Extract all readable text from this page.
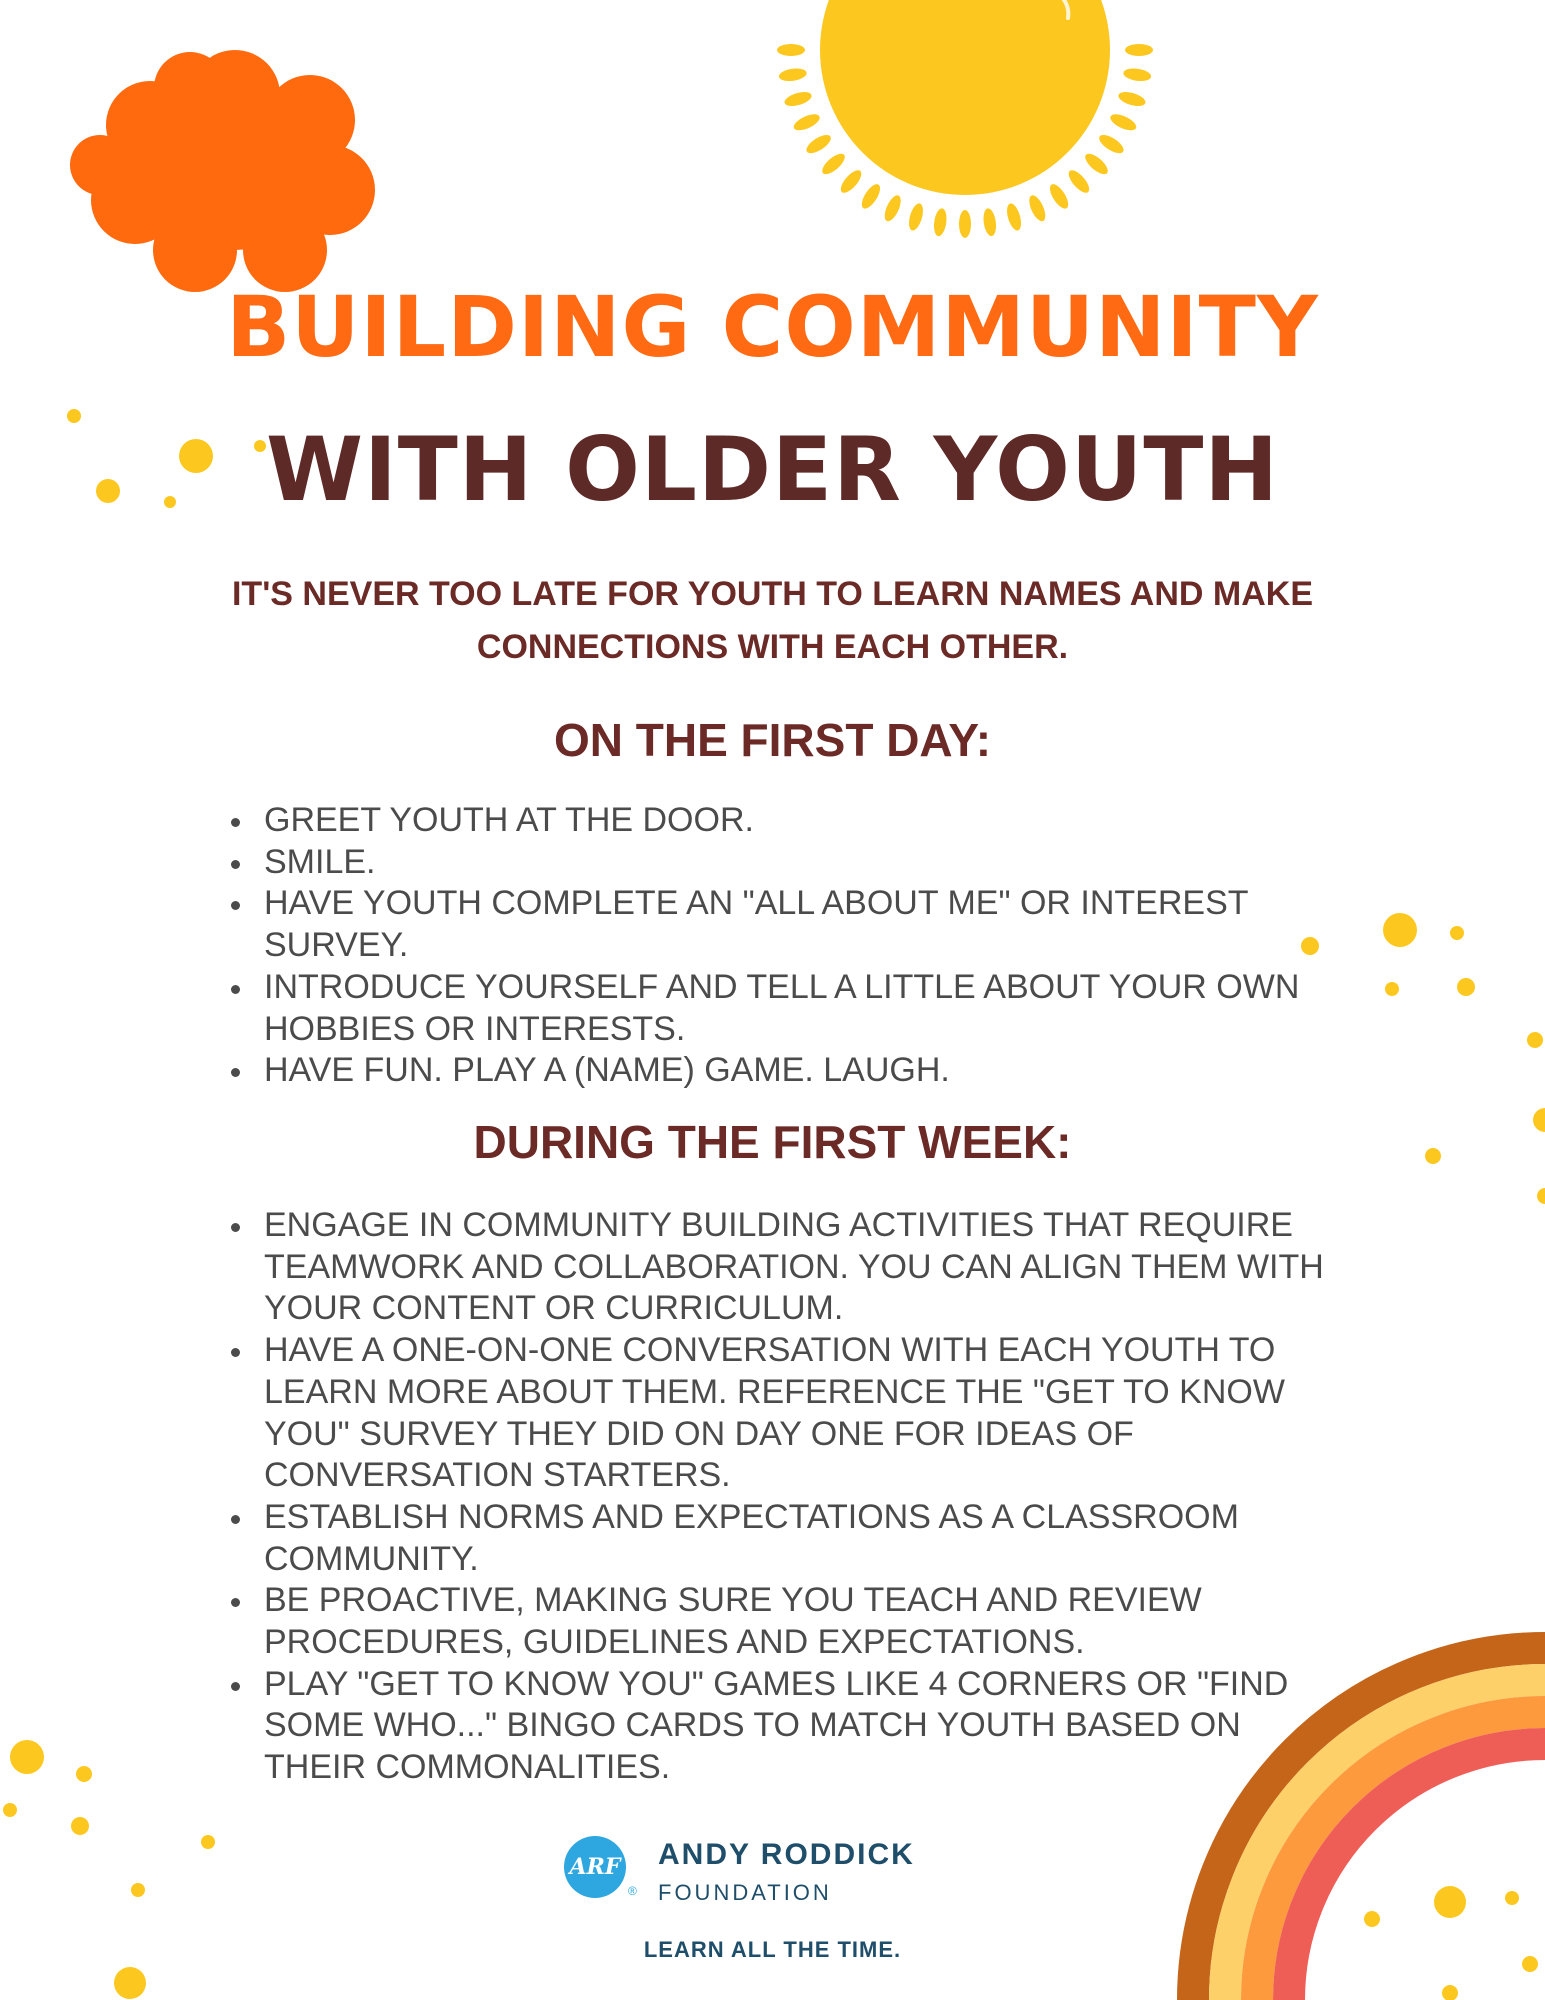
BUILDING COMMUNITY
WITH OLDER YOUTH

IT'S NEVER TOO LATE FOR YOUTH TO LEARN NAMES AND MAKE
CONNECTIONS WITH EACH OTHER.

ON THE FIRST DAY:
GREET YOUTH AT THE DOOR.
SMILE.
HAVE YOUTH COMPLETE AN "ALL ABOUT ME" OR INTEREST SURVEY.
INTRODUCE YOURSELF AND TELL A LITTLE ABOUT YOUR OWN HOBBIES OR INTERESTS.
HAVE FUN. PLAY A (NAME) GAME. LAUGH.
DURING THE FIRST WEEK:
ENGAGE IN COMMUNITY BUILDING ACTIVITIES THAT REQUIRE TEAMWORK AND COLLABORATION. YOU CAN ALIGN THEM WITH YOUR CONTENT OR CURRICULUM.
HAVE A ONE-ON-ONE CONVERSATION WITH EACH YOUTH TO LEARN MORE ABOUT THEM. REFERENCE THE "GET TO KNOW YOU" SURVEY THEY DID ON DAY ONE FOR IDEAS OF CONVERSATION STARTERS.
ESTABLISH NORMS AND EXPECTATIONS AS A CLASSROOM COMMUNITY.
BE PROACTIVE, MAKING SURE YOU TEACH AND REVIEW PROCEDURES, GUIDELINES AND EXPECTATIONS.
PLAY "GET TO KNOW YOU" GAMES LIKE 4 CORNERS OR "FIND SOME WHO..." BINGO CARDS TO MATCH YOUTH BASED ON THEIR COMMONALITIES.
ARF
®
ANDY RODDICK
FOUNDATION
LEARN ALL THE TIME.
